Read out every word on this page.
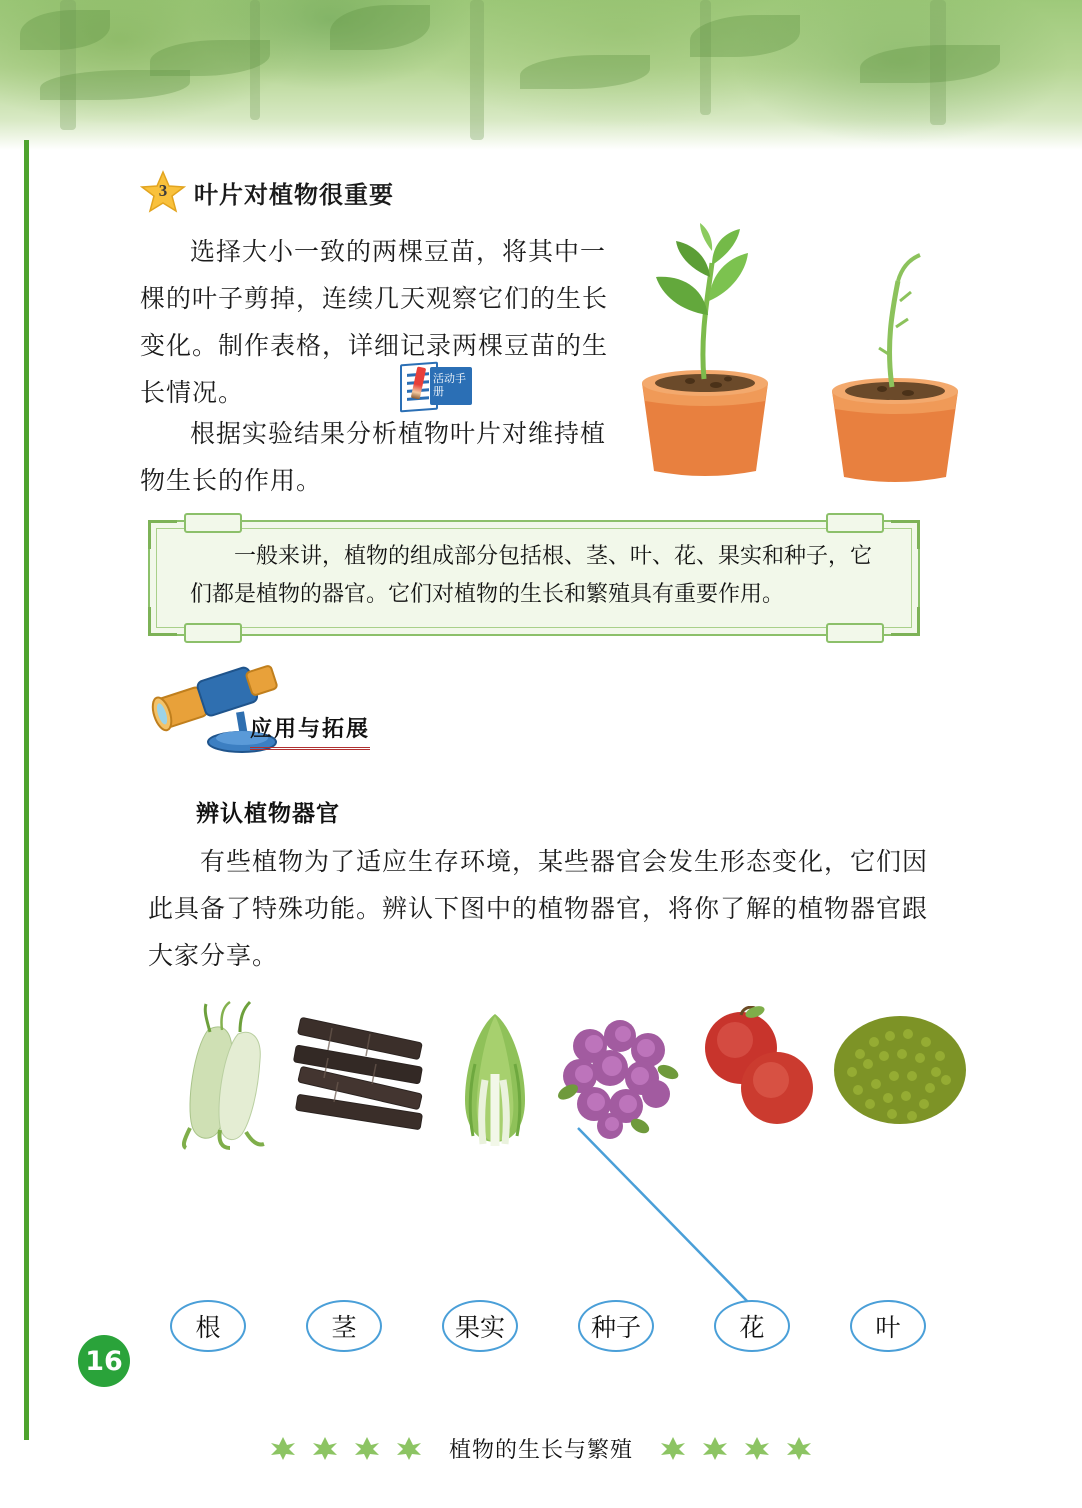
3	叶片对植物很重要
选择大小一致的两棵豆苗，将其中一棵的叶子剪掉，连续几天观察它们的生长变化。制作表格，详细记录两棵豆苗的生长情况。	活动手册
根据实验结果分析植物叶片对维持植物生长的作用。
一般来讲，植物的组成部分包括根、茎、叶、花、果实和种子，它们都是植物的器官。它们对植物的生长和繁殖具有重要作用。
应用与拓展
辨认植物器官
有些植物为了适应生存环境，某些器官会发生形态变化，它们因此具备了特殊功能。辨认下图中的植物器官，将你了解的植物器官跟大家分享。
根	茎	果实	种子	花	叶
16
植物的生长与繁殖
